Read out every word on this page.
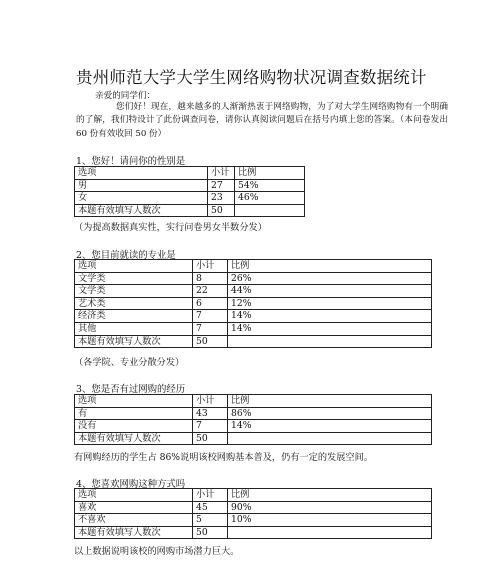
贵州师范大学大学生网络购物状况调查数据统计
亲爱的同学们：
您们好！现在，越来越多的人渐渐热衷于网络购物，为了对大学生网络购物有一个明确的了解，我们特设计了此份调查问卷，请你认真阅读问题后在括号内填上您的答案。（本问卷发出 60 份有效收回 50 份）
1、您好！请问你的性别是
选项	小计	比例
男	27	54%
女	23	46%
本题有效填写人数次	50	
（为提高数据真实性，实行问卷男女半数分发）
2、您目前就读的专业是
选项	小计	比例
文学类	8	26%
文学类	22	44%
艺术类	6	12%
经济类	7	14%
其他	7	14%
本题有效填写人数次	50	
（各学院、专业分散分发）
3、您是否有过网购的经历
选项	小计	比例
有	43	86%
没有	7	14%
本题有效填写人数次	50	
有网购经历的学生占 86%说明该校网购基本普及，仍有一定的发展空间。
4、您喜欢网购这种方式吗
选项	小计	比例
喜欢	45	90%
不喜欢	5	10%
本题有效填写人数次	50	
以上数据说明该校的网购市场潜力巨大。
